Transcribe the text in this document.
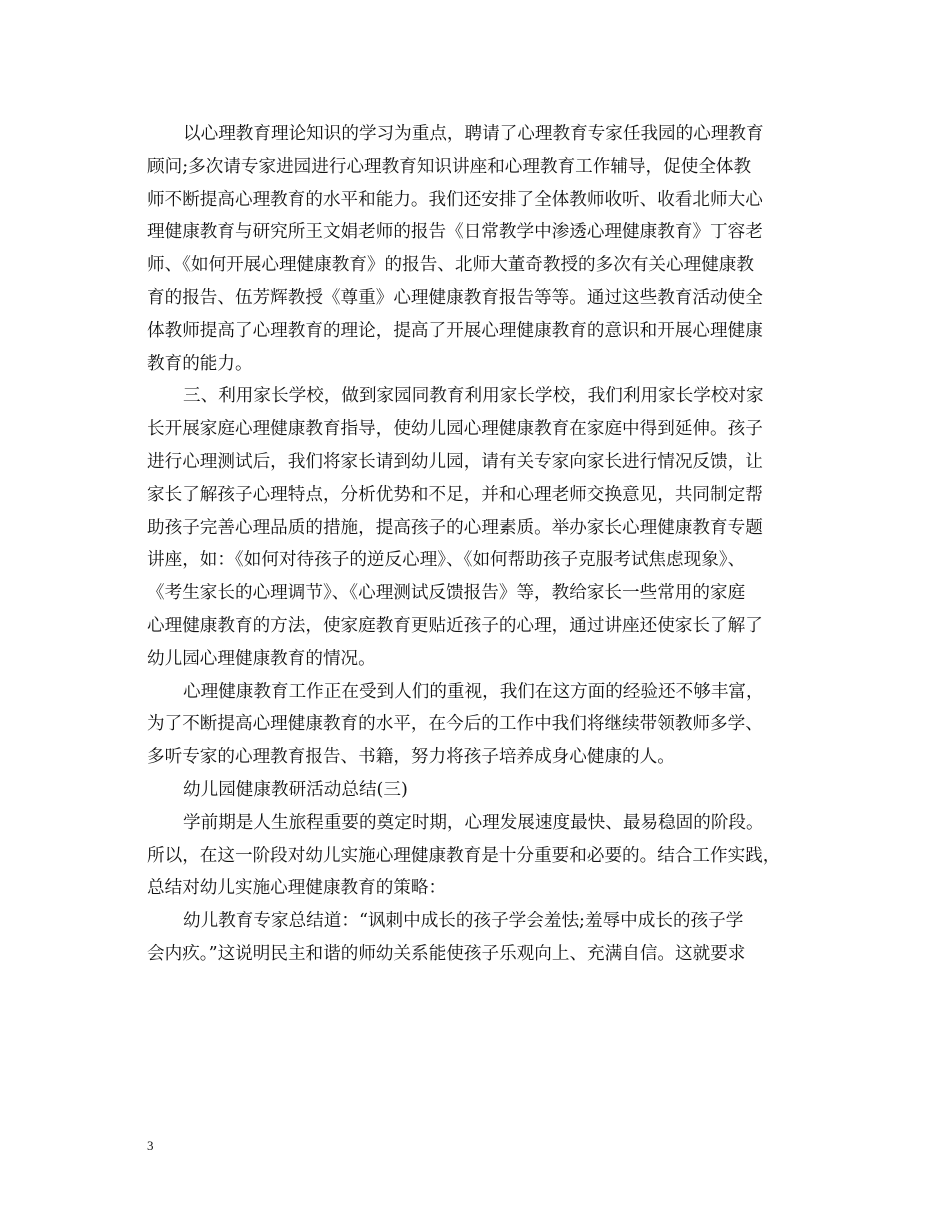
以心理教育理论知识的学习为重点，聘请了心理教育专家任我园的心理教育
顾问;多次请专家进园进行心理教育知识讲座和心理教育工作辅导，促使全体教
师不断提高心理教育的水平和能力。我们还安排了全体教师收听、收看北师大心
理健康教育与研究所王文娟老师的报告《日常教学中渗透心理健康教育》丁容老
师、《如何开展心理健康教育》的报告、北师大董奇教授的多次有关心理健康教
育的报告、伍芳辉教授《尊重》心理健康教育报告等等。通过这些教育活动使全
体教师提高了心理教育的理论，提高了开展心理健康教育的意识和开展心理健康
教育的能力。
三、利用家长学校，做到家园同教育利用家长学校，我们利用家长学校对家
长开展家庭心理健康教育指导，使幼儿园心理健康教育在家庭中得到延伸。孩子
进行心理测试后，我们将家长请到幼儿园，请有关专家向家长进行情况反馈，让
家长了解孩子心理特点，分析优势和不足，并和心理老师交换意见，共同制定帮
助孩子完善心理品质的措施，提高孩子的心理素质。举办家长心理健康教育专题
讲座，如：《如何对待孩子的逆反心理》、《如何帮助孩子克服考试焦虑现象》、
《考生家长的心理调节》、《心理测试反馈报告》等，教给家长一些常用的家庭
心理健康教育的方法，使家庭教育更贴近孩子的心理，通过讲座还使家长了解了
幼儿园心理健康教育的情况。
心理健康教育工作正在受到人们的重视，我们在这方面的经验还不够丰富，
为了不断提高心理健康教育的水平，在今后的工作中我们将继续带领教师多学、
多听专家的心理教育报告、书籍，努力将孩子培养成身心健康的人。
幼儿园健康教研活动总结(三)
学前期是人生旅程重要的奠定时期，心理发展速度最快、最易稳固的阶段。
所以，在这一阶段对幼儿实施心理健康教育是十分重要和必要的。结合工作实践，
总结对幼儿实施心理健康教育的策略：
幼儿教育专家总结道：“讽刺中成长的孩子学会羞怯;羞辱中成长的孩子学
会内疚。”这说明民主和谐的师幼关系能使孩子乐观向上、充满自信。这就要求
3
